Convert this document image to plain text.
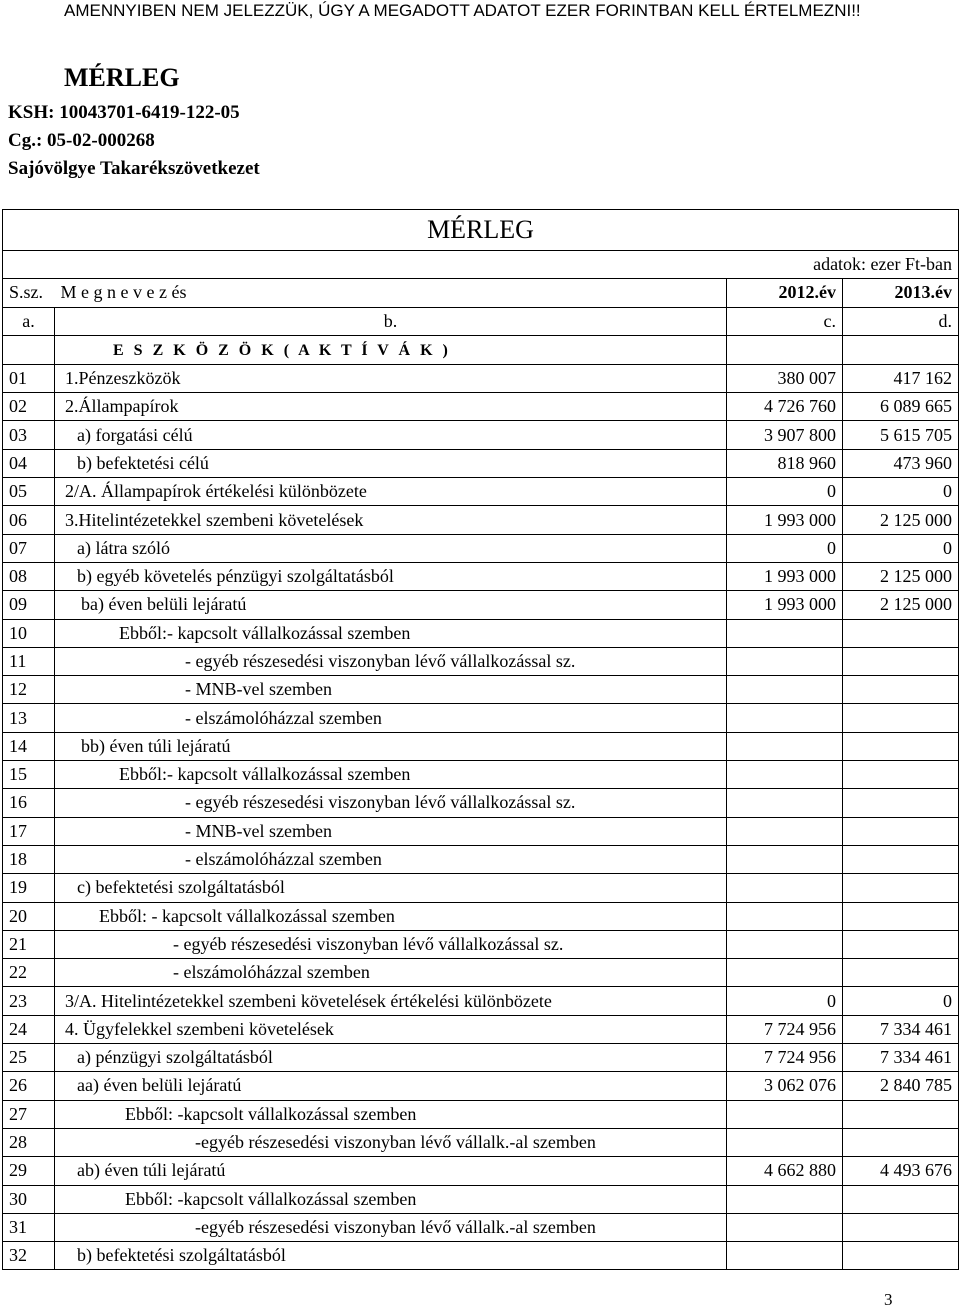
AMENNYIBEN NEM JELEZZÜK, ÚGY A MEGADOTT ADATOT EZER FORINTBAN KELL ÉRTELMEZNI!!
MÉRLEG
KSH: 10043701-6419-122-05
Cg.: 05-02-000268
Sajóvölgye Takarékszövetkezet
MÉRLEG			
adatok: ezer Ft-ban			
S.sz.	M e g n e v e z és	2012.év	2013.év
a.	b.	c.	d.
	E S Z K Ö Z Ö K ( A K T Í V Á K )		
01	1.Pénzeszközök	380 007	417 162
02	2.Állampapírok	4 726 760	6 089 665
03	a) forgatási célú	3 907 800	5 615 705
04	b) befektetési célú	818 960	473 960
05	2/A. Állampapírok értékelési különbözete	0	0
06	3.Hitelintézetekkel szembeni követelések	1 993 000	2 125 000
07	a) látra szóló	0	0
08	b) egyéb követelés pénzügyi szolgáltatásból	1 993 000	2 125 000
09	ba) éven belüli lejáratú	1 993 000	2 125 000
10	Ebből:- kapcsolt vállalkozással szemben		
11	- egyéb részesedési viszonyban lévő vállalkozással sz.		
12	- MNB-vel szemben		
13	- elszámolóházzal szemben		
14	bb) éven túli lejáratú		
15	Ebből:- kapcsolt vállalkozással szemben		
16	- egyéb részesedési viszonyban lévő vállalkozással sz.		
17	- MNB-vel szemben		
18	- elszámolóházzal szemben		
19	c) befektetési szolgáltatásból		
20	Ebből: - kapcsolt vállalkozással szemben		
21	- egyéb részesedési viszonyban lévő vállalkozással sz.		
22	- elszámolóházzal szemben		
23	3/A. Hitelintézetekkel szembeni követelések értékelési különbözete	0	0
24	4. Ügyfelekkel szembeni követelések	7 724 956	7 334 461
25	a) pénzügyi szolgáltatásból	7 724 956	7 334 461
26	aa) éven belüli lejáratú	3 062 076	2 840 785
27	Ebből: -kapcsolt vállalkozással szemben		
28	-egyéb részesedési viszonyban lévő vállalk.-al szemben		
29	ab) éven túli lejáratú	4 662 880	4 493 676
30	Ebből: -kapcsolt vállalkozással szemben		
31	-egyéb részesedési viszonyban lévő vállalk.-al szemben		
32	b) befektetési szolgáltatásból		
3
